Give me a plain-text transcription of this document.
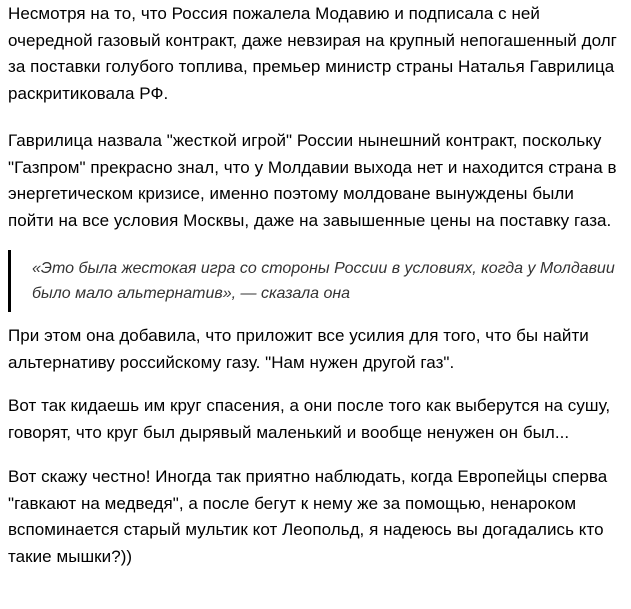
Несмотря на то, что Россия пожалела Модавию и подписала с ней очередной газовый контракт, даже невзирая на крупный непогашенный долг за поставки голубого топлива, премьер министр страны Наталья Гаврилица раскритиковала РФ.

Гаврилица назвала "жесткой игрой" России нынешний контракт, поскольку "Газпром" прекрасно знал, что у Молдавии выхода нет и находится страна в энергетическом кризисе, именно поэтому молдоване вынуждены были пойти на все условия Москвы, даже на завышенные цены на поставку газа.

«Это была жестокая игра со стороны России в условиях, когда у Молдавии было мало альтернатив», — сказала она

При этом она добавила, что приложит все усилия для того, что бы найти альтернативу российскому газу. "Нам нужен другой газ".

Вот так кидаешь им круг спасения, а они после того как выберутся на сушу, говорят, что круг был дырявый маленький и вообще ненужен он был...

Вот скажу честно! Иногда так приятно наблюдать, когда Европейцы сперва "гавкают на медведя", а после бегут к нему же за помощью, ненароком вспоминается старый мультик кот Леопольд, я надеюсь вы догадались кто такие мышки?))
